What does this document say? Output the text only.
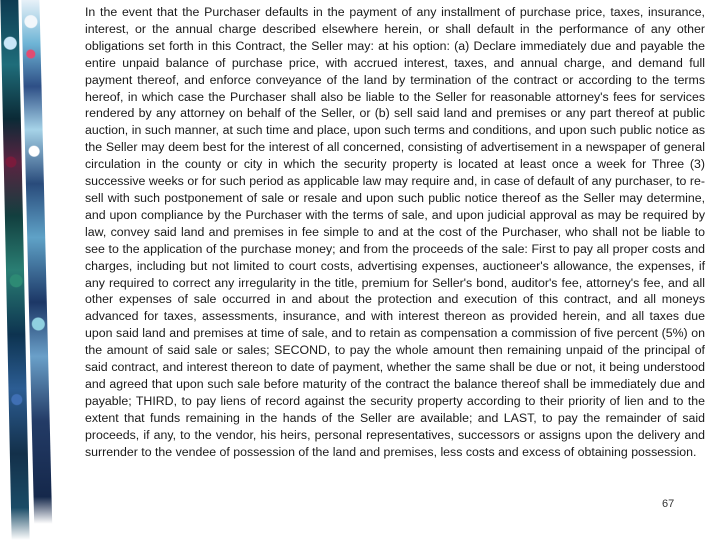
In the event that the Purchaser defaults in the payment of any installment of purchase price, taxes, insurance, interest, or the annual charge described elsewhere herein, or shall default in the performance of any other obligations set forth in this Contract, the Seller may: at his option: (a) Declare immediately due and payable the entire unpaid balance of purchase price, with accrued interest, taxes, and annual charge, and demand full payment thereof, and enforce conveyance of the land by termination of the contract or according to the terms hereof, in which case the Purchaser shall also be liable to the Seller for reasonable attorney's fees for services rendered by any attorney on behalf of the Seller, or (b) sell said land and premises or any part thereof at public auction, in such manner, at such time and place, upon such terms and conditions, and upon such public notice as the Seller may deem best for the interest of all concerned, consisting of advertisement in a newspaper of general circulation in the county or city in which the security property is located at least once a week for Three (3) successive weeks or for such period as applicable law may require and, in case of default of any purchaser, to re-sell with such postponement of sale or resale and upon such public notice thereof as the Seller may determine, and upon compliance by the Purchaser with the terms of sale, and upon judicial approval as may be required by law, convey said land and premises in fee simple to and at the cost of the Purchaser, who shall not be liable to see to the application of the purchase money; and from the proceeds of the sale: First to pay all proper costs and charges, including but not limited to court costs, advertising expenses, auctioneer's allowance, the expenses, if any required to correct any irregularity in the title, premium for Seller's bond, auditor's fee, attorney's fee, and all other expenses of sale occurred in and about the protection and execution of this contract, and all moneys advanced for taxes, assessments, insurance, and with interest thereon as provided herein, and all taxes due upon said land and premises at time of sale, and to retain as compensation a commission of five percent (5%) on the amount of said sale or sales; SECOND, to pay the whole amount then remaining unpaid of the principal of said contract, and interest thereon to date of payment, whether the same shall be due or not, it being understood and agreed that upon such sale before maturity of the contract the balance thereof shall be immediately due and payable; THIRD, to pay liens of record against the security property according to their priority of lien and to the extent that funds remaining in the hands of the Seller are available; and LAST, to pay the remainder of said proceeds, if any, to the vendor, his heirs, personal representatives, successors or assigns upon the delivery and surrender to the vendee of possession of the land and premises, less costs and excess of obtaining possession.

67
